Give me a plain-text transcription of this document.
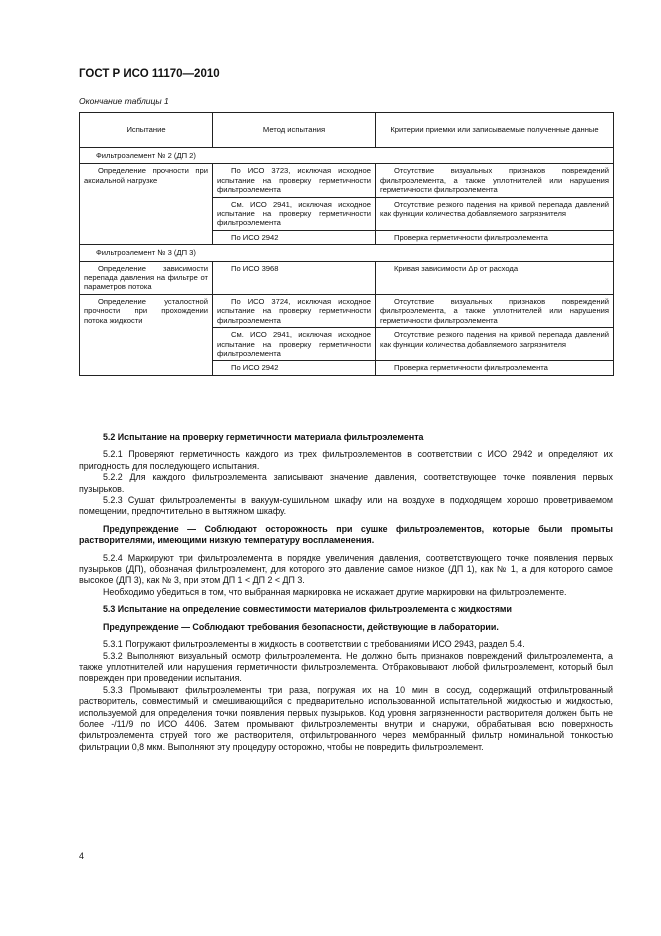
ГОСТ Р ИСО 11170—2010
Окончание таблицы 1
Испытание	Метод испытания	Критерии приемки или записываемые полученные данные
Фильтроэлемент № 2 (ДП 2)		
Определение прочности при аксиальной нагрузке	По ИСО 3723, исключая исходное испытание на проверку герметичности фильтроэлемента	Отсутствие визуальных признаков повреждений фильтроэлемента, а также уплотнителей или нарушения герметичности фильтроэлемента
	См. ИСО 2941, исключая исходное испытание на проверку герметичности фильтроэлемента	Отсутствие резкого падения на кривой перепада давлений как функции количества добавляемого загрязнителя
	По ИСО 2942	Проверка герметичности фильтроэлемента
Фильтроэлемент № 3 (ДП 3)		
Определение зависимости перепада давления на фильтре от параметров потока	По ИСО 3968	Кривая зависимости Δp от расхода
Определение усталостной прочности при прохождении потока жидкости	По ИСО 3724, исключая исходное испытание на проверку герметичности фильтроэлемента	Отсутствие визуальных признаков повреждений фильтроэлемента, а также уплотнителей или нарушения герметичности фильтроэлемента
	См. ИСО 2941, исключая исходное испытание на проверку герметичности фильтроэлемента	Отсутствие резкого падения на кривой перепада давлений как функции количества добавляемого загрязнителя
	По ИСО 2942	Проверка герметичности фильтроэлемента

5.2 Испытание на проверку герметичности материала фильтроэлемента

5.2.1 Проверяют герметичность каждого из трех фильтроэлементов в соответствии с ИСО 2942 и определяют их пригодность для последующего испытания.

5.2.2 Для каждого фильтроэлемента записывают значение давления, соответствующее точке появления первых пузырьков.

5.2.3 Сушат фильтроэлементы в вакуум-сушильном шкафу или на воздухе в подходящем хорошо проветриваемом помещении, предпочтительно в вытяжном шкафу.

Предупреждение — Соблюдают осторожность при сушке фильтроэлементов, которые были промыты растворителями, имеющими низкую температуру воспламенения.

5.2.4 Маркируют три фильтроэлемента в порядке увеличения давления, соответствующего точке появления первых пузырьков (ДП), обозначая фильтроэлемент, для которого это давление самое низкое (ДП 1), как № 1, а для которого самое высокое (ДП 3), как № 3, при этом ДП 1 < ДП 2 < ДП 3.

Необходимо убедиться в том, что выбранная маркировка не искажает другие маркировки на фильтроэлементе.

5.3 Испытание на определение совместимости материалов фильтроэлемента с жидкостями

Предупреждение — Соблюдают требования безопасности, действующие в лаборатории.

5.3.1 Погружают фильтроэлементы в жидкость в соответствии с требованиями ИСО 2943, раздел 5.4.

5.3.2 Выполняют визуальный осмотр фильтроэлемента. Не должно быть признаков повреждений фильтроэлемента, а также уплотнителей или нарушения герметичности фильтроэлемента. Отбраковывают любой фильтроэлемент, который был поврежден при проведении испытания.

5.3.3 Промывают фильтроэлементы три раза, погружая их на 10 мин в сосуд, содержащий отфильтрованный растворитель, совместимый и смешивающийся с предварительно использованной испытательной жидкостью и жидкостью, используемой для определения точки появления первых пузырьков. Код уровня загрязненности растворителя должен быть не более -/11/9 по ИСО 4406. Затем промывают фильтроэлементы внутри и снаружи, обрабатывая всю поверхность фильтроэлемента струей того же растворителя, отфильтрованного через мембранный фильтр номинальной тонкостью фильтрации 0,8 мкм. Выполняют эту процедуру осторожно, чтобы не повредить фильтроэлемент.

4
